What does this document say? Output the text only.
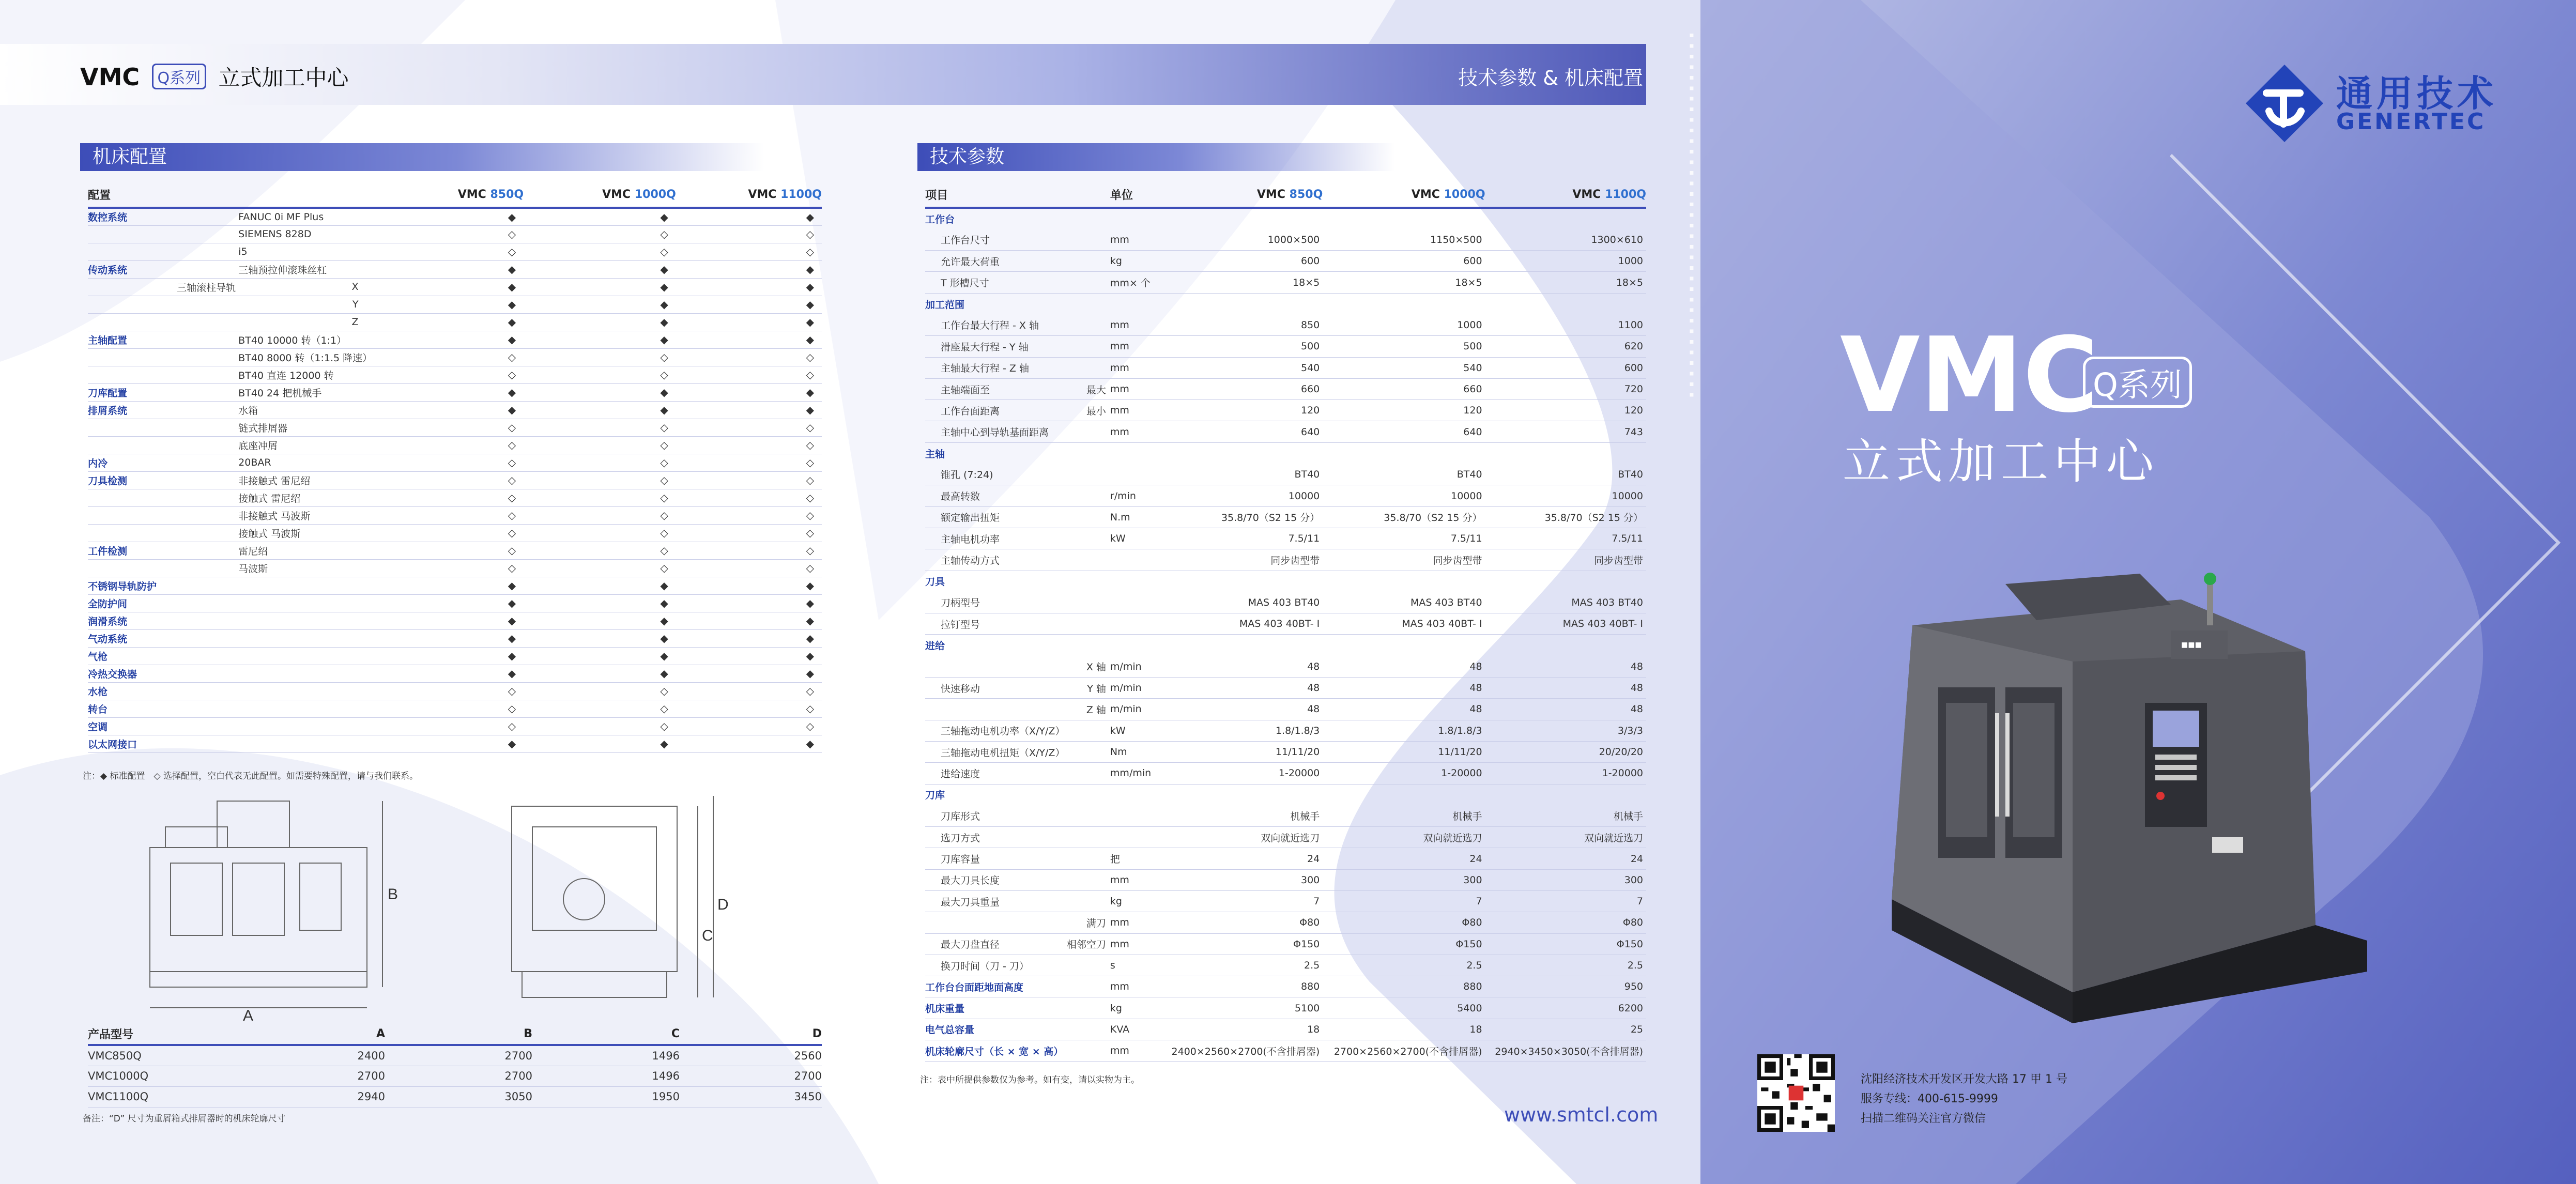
VMC Q系列 立式加工中心	技术参数 & 机床配置
机床配置
配置			VMC 850Q	VMC 1000Q	VMC 1100Q
数控系统		FANUC 0i MF Plus	◆	◆	◆
		SIEMENS 828D	◇	◇	◇
		i5	◇	◇	◇
传动系统		三轴预拉伸滚珠丝杠	◆	◆	◆
	三轴滚柱导轨	X	◆	◆	◆
		Y	◆	◆	◆
		Z	◆	◆	◆
主轴配置		BT40 10000 转（1:1）	◆	◆	◆
		BT40 8000 转（1:1.5 降速）	◇	◇	◇
		BT40 直连 12000 转	◇	◇	◇
刀库配置		BT40 24 把机械手	◆	◆	◆
排屑系统		水箱	◆	◆	◆
		链式排屑器	◇	◇	◇
		底座冲屑	◇	◇	◇
内冷		20BAR	◇	◇	◇
刀具检测		非接触式 雷尼绍	◇	◇	◇
		接触式 雷尼绍	◇	◇	◇
		非接触式 马波斯	◇	◇	◇
		接触式 马波斯	◇	◇	◇
工件检测		雷尼绍	◇	◇	◇
		马波斯	◇	◇	◇
不锈钢导轨防护			◆	◆	◆
全防护间			◆	◆	◆
润滑系统			◆	◆	◆
气动系统			◆	◆	◆
气枪			◆	◆	◆
冷热交换器			◆	◆	◆
水枪			◇	◇	◇
转台			◇	◇	◇
空调			◇	◇	◇
以太网接口			◆	◆	◆
注：◆ 标准配置　◇ 选择配置，空白代表无此配置。如需要特殊配置，请与我们联系。
A
B
C
D
产品型号	A	B	C	D
VMC850Q	2400	2700	1496	2560
VMC1000Q	2700	2700	1496	2700
VMC1100Q	2940	3050	1950	3450
备注：“D” 尺寸为重屑箱式排屑器时的机床轮廓尺寸
技术参数
项目		单位	VMC 850Q	VMC 1000Q	VMC 1100Q
工作台					
工作台尺寸		mm	1000×500	1150×500	1300×610
允许最大荷重		kg	600	600	1000
T 形槽尺寸		mm× 个	18×5	18×5	18×5
加工范围					
工作台最大行程 - X 轴		mm	850	1000	1100
滑座最大行程 - Y 轴		mm	500	500	620
主轴最大行程 - Z 轴		mm	540	540	600
主轴端面至	最大	mm	660	660	720
工作台面距离	最小	mm	120	120	120
主轴中心到导轨基面距离		mm	640	640	743
主轴					
锥孔 (7:24)			BT40	BT40	BT40
最高转数		r/min	10000	10000	10000
额定输出扭矩		N.m	35.8/70（S2 15 分）	35.8/70（S2 15 分）	35.8/70（S2 15 分）
主轴电机功率		kW	7.5/11	7.5/11	7.5/11
主轴传动方式			同步齿型带	同步齿型带	同步齿型带
刀具					
刀柄型号			MAS 403 BT40	MAS 403 BT40	MAS 403 BT40
拉钉型号			MAS 403 40BT- Ⅰ	MAS 403 40BT- Ⅰ	MAS 403 40BT- Ⅰ
进给					
	X 轴	m/min	48	48	48
快速移动	Y 轴	m/min	48	48	48
	Z 轴	m/min	48	48	48
三轴拖动电机功率（X/Y/Z）		kW	1.8/1.8/3	1.8/1.8/3	3/3/3
三轴拖动电机扭矩（X/Y/Z）		Nm	11/11/20	11/11/20	20/20/20
进给速度		mm/min	1-20000	1-20000	1-20000
刀库					
刀库形式			机械手	机械手	机械手
选刀方式			双向就近选刀	双向就近选刀	双向就近选刀
刀库容量		把	24	24	24
最大刀具长度		mm	300	300	300
最大刀具重量		kg	7	7	7
	满刀	mm	Φ80	Φ80	Φ80
最大刀盘直径	相邻空刀	mm	Φ150	Φ150	Φ150
换刀时间（刀 - 刀）		s	2.5	2.5	2.5
工作台台面距地面高度		mm	880	880	950
机床重量		kg	5100	5400	6200
电气总容量		KVA	18	18	25
机床轮廓尺寸（长 × 宽 × 高）		mm	2400×2560×2700(不含排屑器)	2700×2560×2700(不含排屑器)	2940×3450×3050(不含排屑器)
注：表中所提供参数仅为参考。如有变，请以实物为主。
www.smtcl.com
▪ ▪ ▪ ▪ ▪ ▪ ▪ ▪ ▪ ▪ ▪ ▪ ▪ ▪ ▪ ▪ ▪ ▪ ▪ ▪ ▪ ▪ ▪ ▪ ▪ ▪ ▪ ▪ ▪ ▪ ▪ ▪ ▪ ▪ ▪	通用技术
GENERTEC
VMC
Q系列
立式加工中心
■■■
沈阳经济技术开发区开发大路 17 甲 1 号
服务专线：400-615-9999
扫描二维码关注官方微信
